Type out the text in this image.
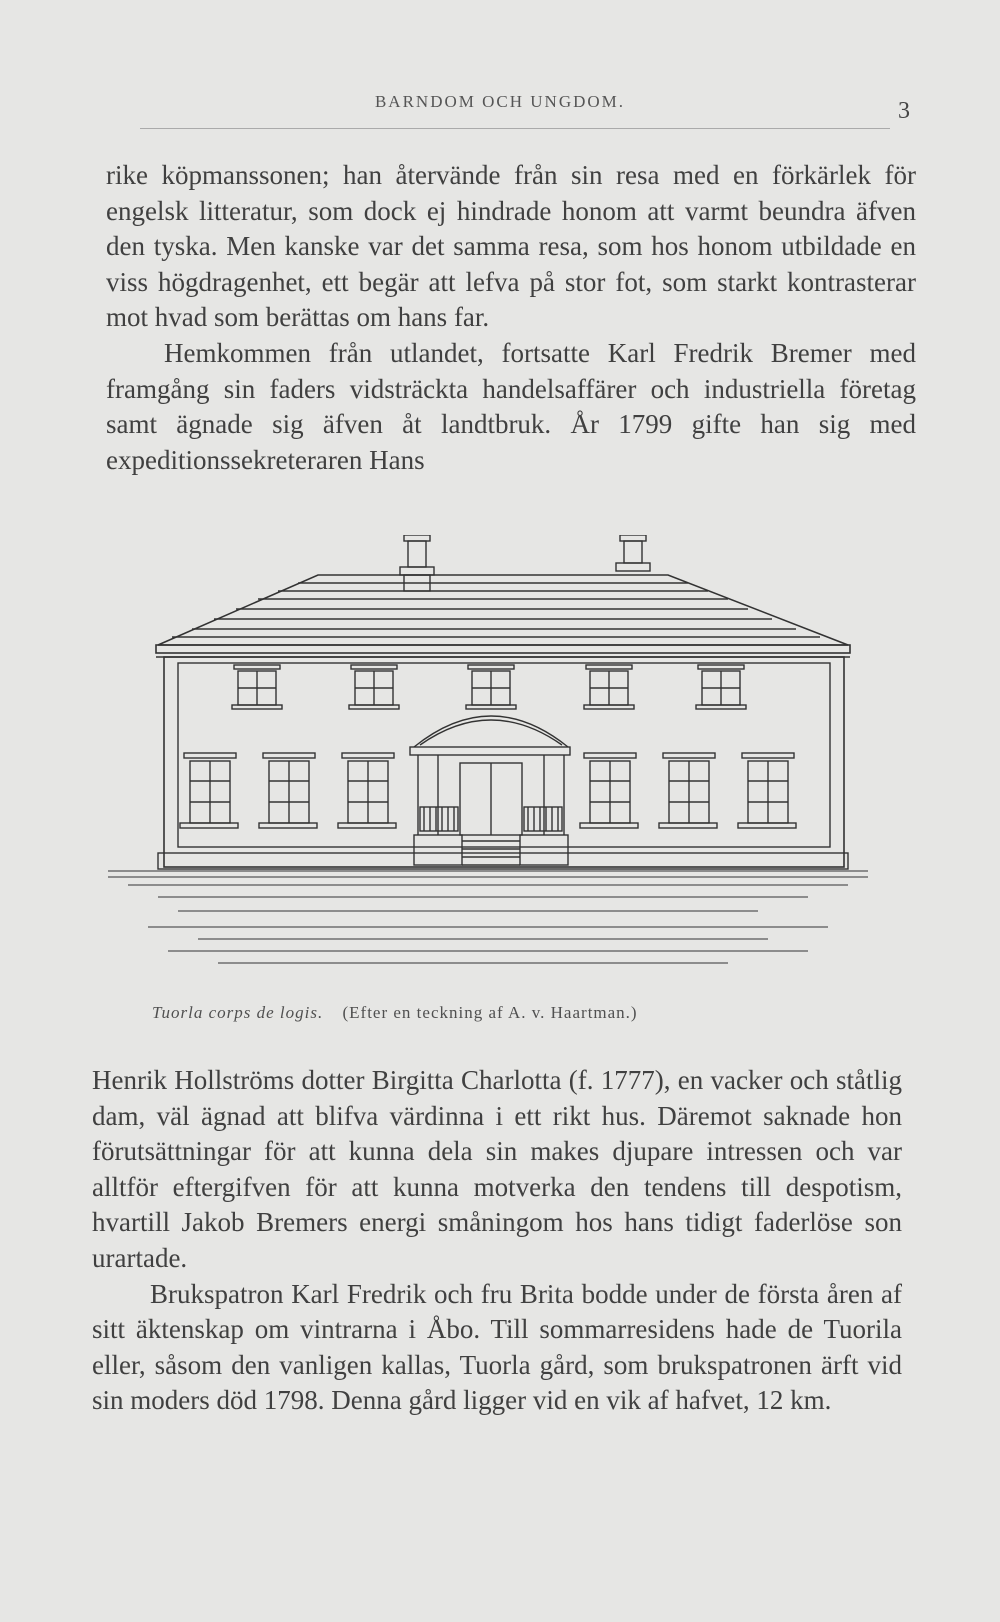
BARNDOM OCH UNGDOM.	3

rike köpmanssonen; han återvände från sin resa med en förkärlek för engelsk litteratur, som dock ej hindrade honom att varmt beundra äfven den tyska. Men kanske var det samma resa, som hos honom utbildade en viss högdragenhet, ett begär att lefva på stor fot, som starkt kontrasterar mot hvad som berättas om hans far.

Hemkommen från utlandet, fortsatte Karl Fredrik Bremer med framgång sin faders vidsträckta handelsaffärer och industriella företag samt ägnade sig äfven åt landtbruk. År 1799 gifte han sig med expeditionssekreteraren Hans

Tuorla corps de logis. (Efter en teckning af A. v. Haartman.)

Henrik Hollströms dotter Birgitta Charlotta (f. 1777), en vacker och ståtlig dam, väl ägnad att blifva värdinna i ett rikt hus. Däremot saknade hon förutsättningar för att kunna dela sin makes djupare intressen och var alltför eftergifven för att kunna motverka den tendens till despotism, hvartill Jakob Bremers energi småningom hos hans tidigt faderlöse son urartade.

Brukspatron Karl Fredrik och fru Brita bodde under de första åren af sitt äktenskap om vintrarna i Åbo. Till sommarresidens hade de Tuorila eller, såsom den vanligen kallas, Tuorla gård, som brukspatronen ärft vid sin moders död 1798. Denna gård ligger vid en vik af hafvet, 12 km.
